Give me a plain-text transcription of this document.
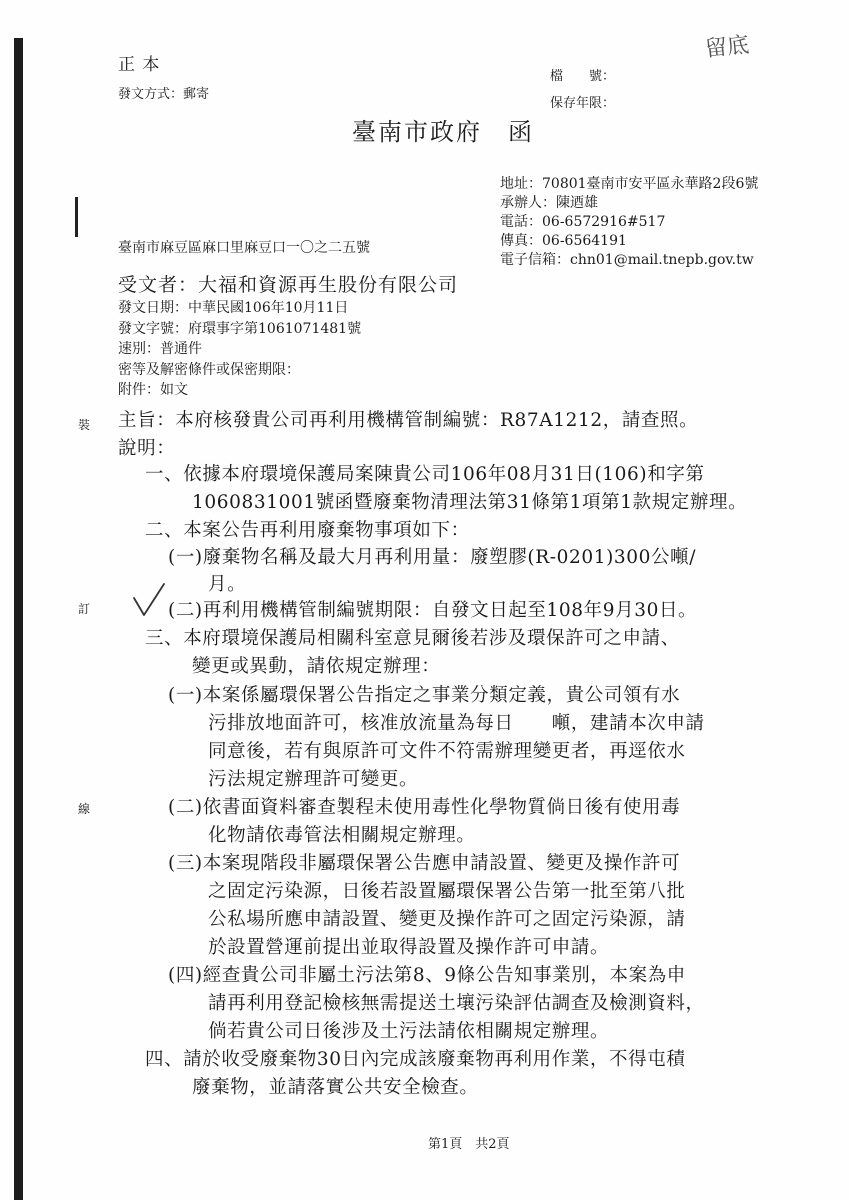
正 本
發文方式：郵寄
檔　　號：
保存年限：
留底
臺南市政府　函
地址：70801臺南市安平區永華路2段6號
承辦人：陳迺雄
電話：06-6572916#517
傳真：06-6564191
電子信箱：chn01@mail.tnepb.gov.tw
臺南市麻豆區麻口里麻豆口一〇之二五號
受文者：大福和資源再生股份有限公司
發文日期：中華民國106年10月11日
發文字號：府環事字第1061071481號
速別：普通件
密等及解密條件或保密期限：
附件：如文
裝
訂
線
主旨：本府核發貴公司再利用機構管制編號：R87A1212，請查照。
說明：
一、依據本府環境保護局案陳貴公司106年08月31日(106)和字第
1060831001號函暨廢棄物清理法第31條第1項第1款規定辦理。
二、本案公告再利用廢棄物事項如下：
(一)廢棄物名稱及最大月再利用量：廢塑膠(R-0201)300公噸/
月。
(二)再利用機構管制編號期限：自發文日起至108年9月30日。
三、本府環境保護局相關科室意見爾後若涉及環保許可之申請、
變更或異動，請依規定辦理：
(一)本案係屬環保署公告指定之事業分類定義，貴公司領有水
污排放地面許可，核准放流量為每日　　噸，建請本次申請
同意後，若有與原許可文件不符需辦理變更者，再逕依水
污法規定辦理許可變更。
(二)依書面資料審查製程未使用毒性化學物質倘日後有使用毒
化物請依毒管法相關規定辦理。
(三)本案現階段非屬環保署公告應申請設置、變更及操作許可
之固定污染源，日後若設置屬環保署公告第一批至第八批
公私場所應申請設置、變更及操作許可之固定污染源，請
於設置營運前提出並取得設置及操作許可申請。
(四)經查貴公司非屬土污法第8、9條公告知事業別，本案為申
請再利用登記檢核無需提送土壤污染評估調查及檢測資料，
倘若貴公司日後涉及土污法請依相關規定辦理。
四、請於收受廢棄物30日內完成該廢棄物再利用作業，不得屯積
廢棄物，並請落實公共安全檢查。
第1頁　共2頁
